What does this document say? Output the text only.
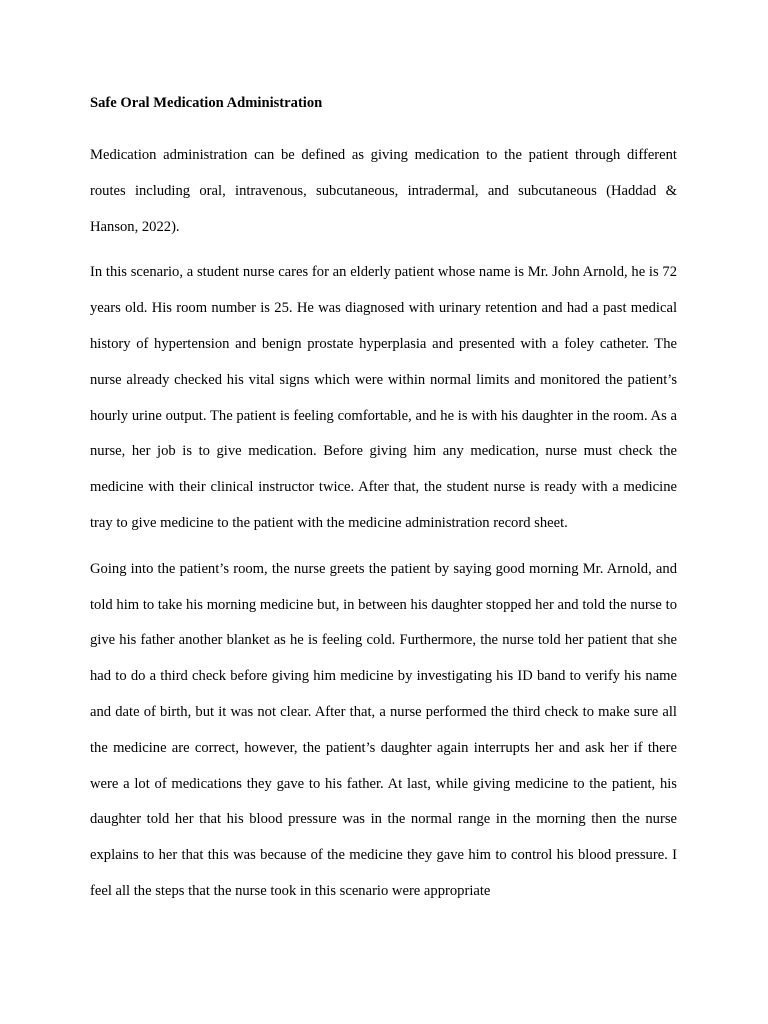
Safe Oral Medication Administration

Medication administration can be defined as giving medication to the patient through different routes including oral, intravenous, subcutaneous, intradermal, and subcutaneous (Haddad & Hanson, 2022).

In this scenario, a student nurse cares for an elderly patient whose name is Mr. John Arnold, he is 72 years old. His room number is 25. He was diagnosed with urinary retention and had a past medical history of hypertension and benign prostate hyperplasia and presented with a foley catheter. The nurse already checked his vital signs which were within normal limits and monitored the patient’s hourly urine output. The patient is feeling comfortable, and he is with his daughter in the room. As a nurse, her job is to give medication. Before giving him any medication, nurse must check the medicine with their clinical instructor twice. After that, the student nurse is ready with a medicine tray to give medicine to the patient with the medicine administration record sheet.

Going into the patient’s room, the nurse greets the patient by saying good morning Mr. Arnold, and told him to take his morning medicine but, in between his daughter stopped her and told the nurse to give his father another blanket as he is feeling cold. Furthermore, the nurse told her patient that she had to do a third check before giving him medicine by investigating his ID band to verify his name and date of birth, but it was not clear. After that, a nurse performed the third check to make sure all the medicine are correct, however, the patient’s daughter again interrupts her and ask her if there were a lot of medications they gave to his father. At last, while giving medicine to the patient, his daughter told her that his blood pressure was in the normal range in the morning then the nurse explains to her that this was because of the medicine they gave him to control his blood pressure. I feel all the steps that the nurse took in this scenario were appropriate
